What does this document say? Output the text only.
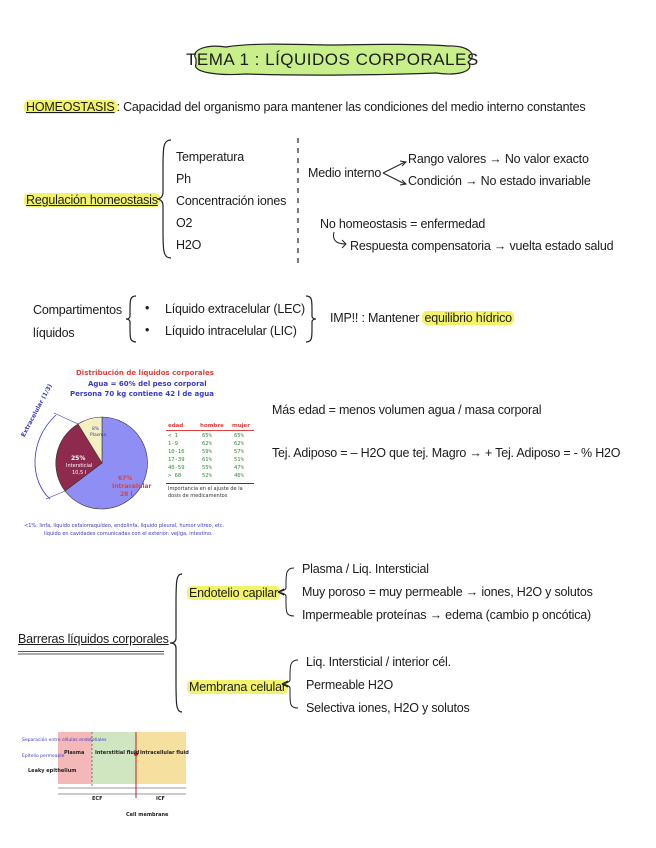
TEMA 1 : LÍQUIDOS CORPORALES
HOMEOSTASIS : Capacidad del organismo para mantener las condiciones del medio interno constantes
Regulación homeostasis
Temperatura
Ph
Concentración iones
O2
H2O
Medio interno
Rango valores → No valor exacto
Condición → No estado invariable
No homeostasis = enfermedad
Respuesta compensatoria → vuelta estado salud
Compartimentos
líquidos
•
•
Líquido extracelular (LEC)
Líquido intracelular (LIC)
IMP!! : Mantener equilibrio hídrico
Distribución de líquidos corporales
Agua = 60% del peso corporal
Persona 70 kg contiene 42 l de agua
Extracelular (1/3)
25%
Intersticial
10,5 l
67%
Intracelular
28 l
8%
Plasma
edad	hombre mujer
< 1	65%	65%
1-9	62%	62%
10-16	59%	57%
17-39	61%	51%
40-59	55%	47%
> 60	52%	46%
Importancia en el ajuste de la
dosis de medicamentos
<1%: linfa, líquido cefalorraquídeo, endolinfa, líquido pleural, humor vítreo, etc.
líquido en cavidades comunicadas con el exterior: vejiga, intestino.
Más edad = menos volumen agua / masa corporal
Tej. Adiposo = – H2O que tej. Magro → + Tej. Adiposo = - % H2O
Barreras líquidos corporales
Endotelio capilar
Plasma / Liq. Intersticial
Muy poroso = muy permeable → iones, H2O y solutos
Impermeable proteínas → edema (cambio p oncótica)
Membrana celular
Liq. Intersticial / interior cél.
Permeable H2O
Selectiva iones, H2O y solutos
Separación entre células endoteliales
Epitelio permeable
Leaky epithelium
Plasma Interstitial fluid Intracellular fluid
ECF	ICF
Cell membrane
